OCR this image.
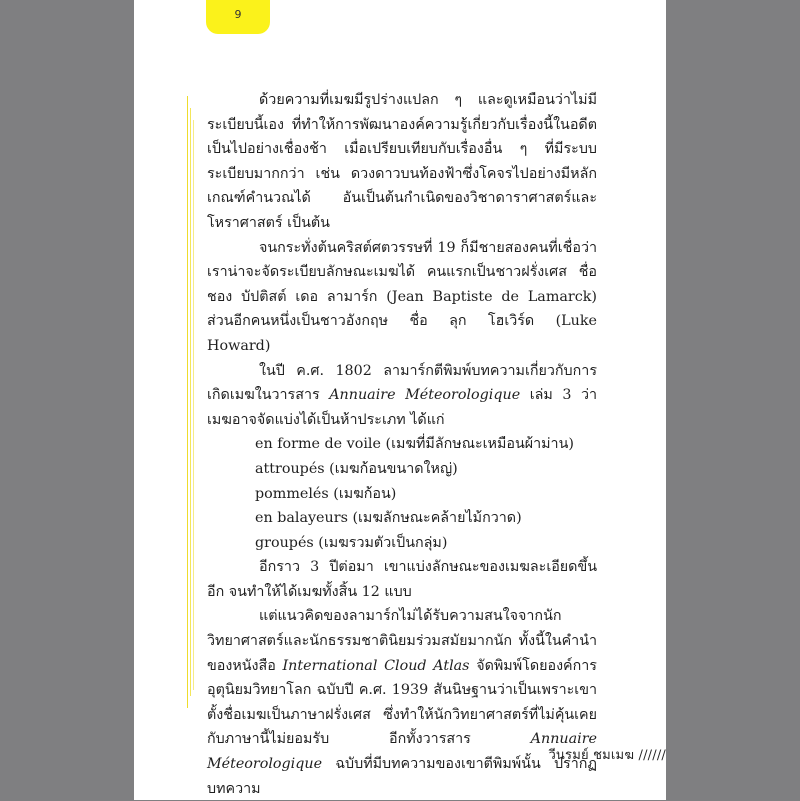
9

ด้วยความที่เมฆมีรูปร่างแปลก ๆ และดูเหมือนว่าไม่มีระเบียบนี้เอง ที่ทำให้การพัฒนาองค์ความรู้เกี่ยวกับเรื่องนี้ในอดีตเป็นไปอย่างเชื่องช้า เมื่อเปรียบเทียบกับเรื่องอื่น ๆ ที่มีระบบระเบียบมากกว่า เช่น ดวงดาวบนท้องฟ้าซึ่งโคจรไปอย่างมีหลักเกณฑ์คำนวณได้ อันเป็นต้นกำเนิดของวิชาดาราศาสตร์และโหราศาสตร์ เป็นต้น

จนกระทั่งต้นคริสต์ศตวรรษที่ 19 ก็มีชายสองคนที่เชื่อว่าเราน่าจะจัดระเบียบลักษณะเมฆได้ คนแรกเป็นชาวฝรั่งเศส ชื่อ ชอง บัปติสต์ เดอ ลามาร์ก (Jean Baptiste de Lamarck) ส่วนอีกคนหนึ่งเป็นชาวอังกฤษ ชื่อ ลุก โฮเวิร์ด (Luke Howard)

ในปี ค.ศ. 1802 ลามาร์กตีพิมพ์บทความเกี่ยวกับการเกิดเมฆในวารสาร Annuaire Méteorologique เล่ม 3 ว่า เมฆอาจจัดแบ่งได้เป็นห้าประเภท ได้แก่

en forme de voile (เมฆที่มีลักษณะเหมือนผ้าม่าน)

attroupés (เมฆก้อนขนาดใหญ่)

pommelés (เมฆก้อน)

en balayeurs (เมฆลักษณะคล้ายไม้กวาด)

groupés (เมฆรวมตัวเป็นกลุ่ม)

อีกราว 3 ปีต่อมา เขาแบ่งลักษณะของเมฆละเอียดขึ้นอีก จนทำให้ได้เมฆทั้งสิ้น 12 แบบ

แต่แนวคิดของลามาร์กไม่ได้รับความสนใจจากนักวิทยาศาสตร์และนักธรรมชาตินิยมร่วมสมัยมากนัก ทั้งนี้ในคำนำของหนังสือ International Cloud Atlas จัดพิมพ์โดยองค์การอุตุนิยมวิทยาโลก ฉบับปี ค.ศ. 1939 สันนิษฐานว่าเป็นเพราะเขาตั้งชื่อเมฆเป็นภาษาฝรั่งเศส ซึ่งทำให้นักวิทยาศาสตร์ที่ไม่คุ้นเคยกับภาษานี้ไม่ยอมรับ อีกทั้งวารสาร Annuaire Méteorologique ฉบับที่มีบทความของเขาตีพิมพ์นั้น ปรากฏบทความ

วีนรมย์ ชมเมฆ //////
